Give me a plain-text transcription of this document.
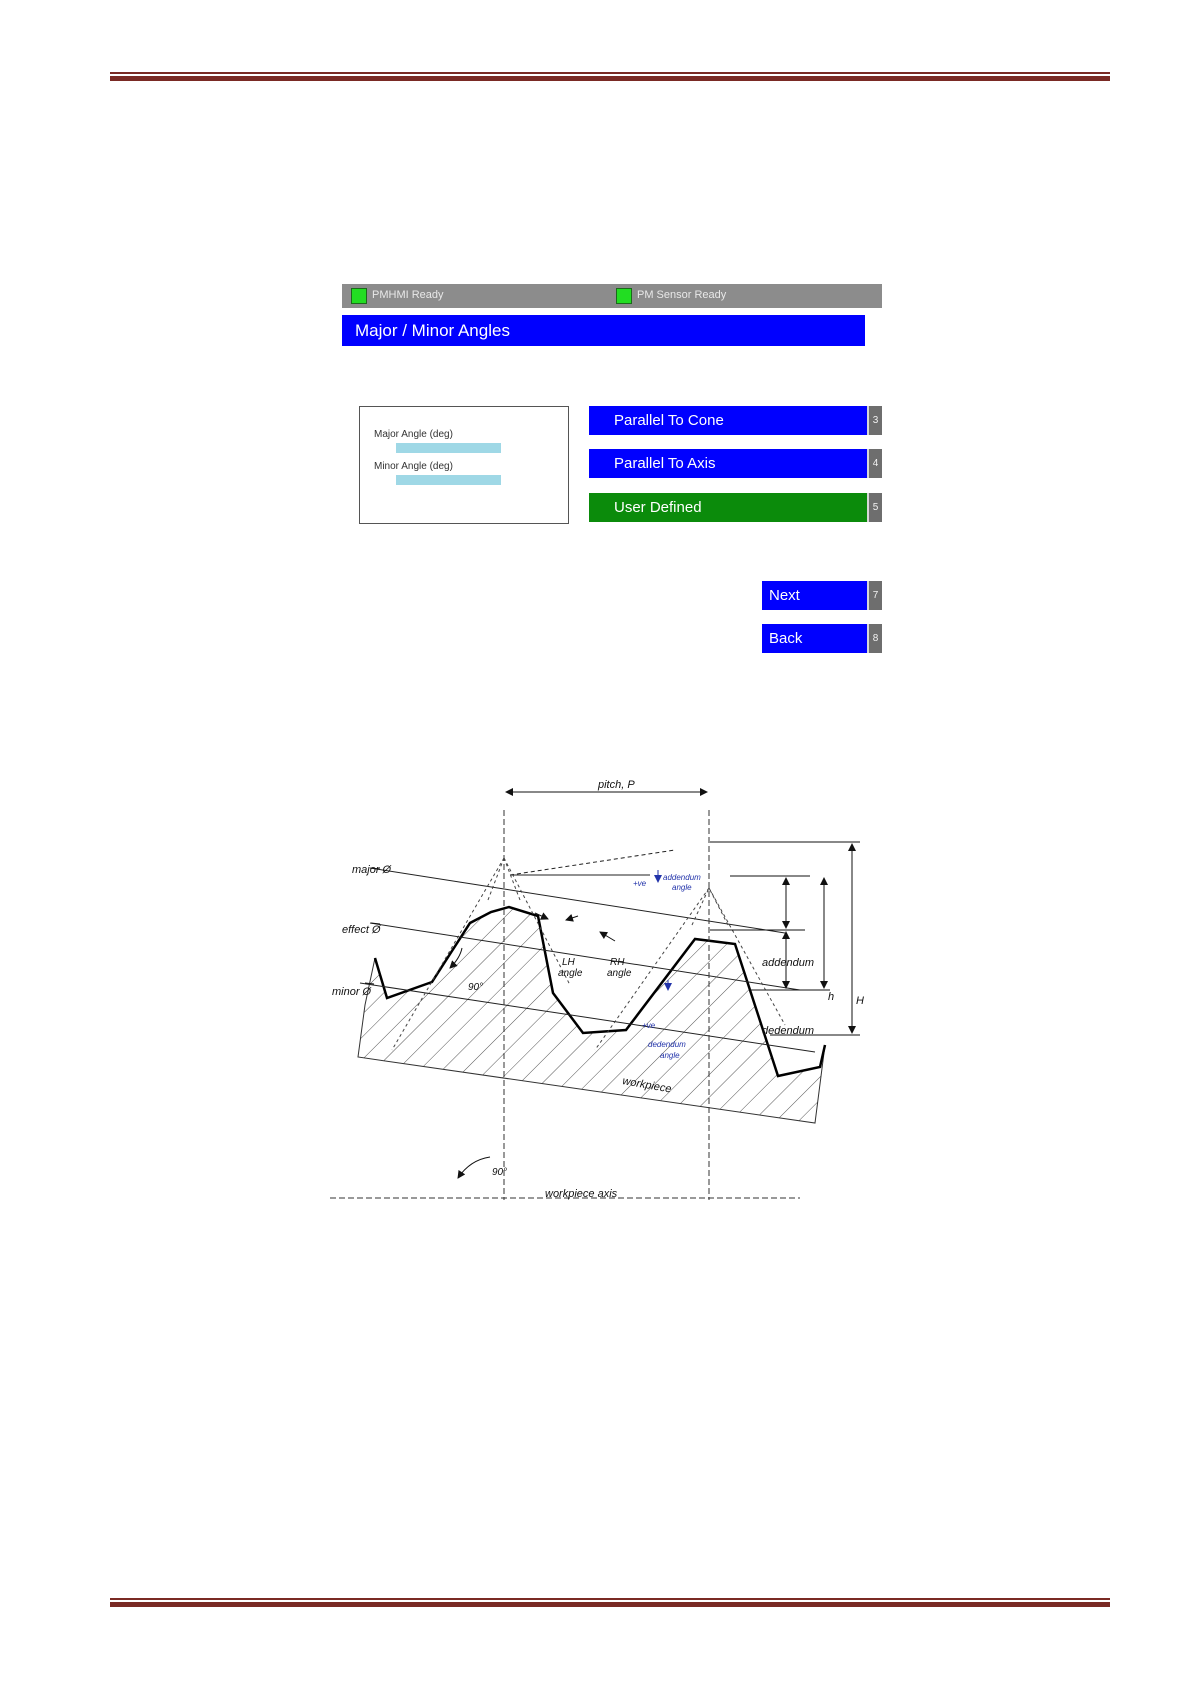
PMHMI Ready	PM Sensor Ready
Major / Minor Angles
Major Angle (deg)
Minor Angle (deg)
Parallel To Cone	3
Parallel To Axis	4
User Defined	5
Next	7
Back	8
pitch, P
major Ø
effect Ø
minor Ø
+ve
addendum
angle
LH
angle
RH
angle
90°
addendum
dedendum
h H
+ve
dedendum
angle
workpiece
90°
workpiece axis
